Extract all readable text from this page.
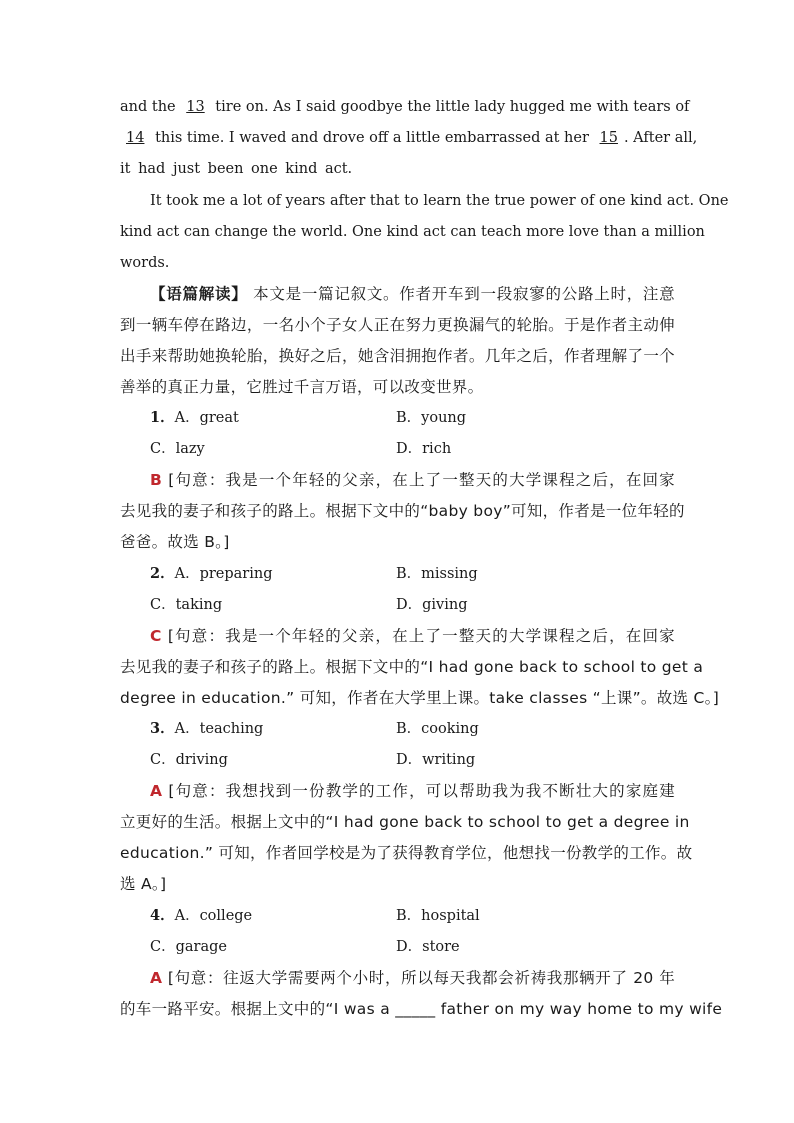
and the 13 tire on. As I said goodbye the little lady hugged me with tears of
14 this time. I waved and drove off a little embarrassed at her 15 . After all,
it had just been one kind act.
It took me a lot of years after that to learn the true power of one kind act. One
kind act can change the world. One kind act can teach more love than a million
words.
【语篇解读】 本文是一篇记叙文。作者开车到一段寂寥的公路上时，注意
到一辆车停在路边，一名小个子女人正在努力更换漏气的轮胎。于是作者主动伸
出手来帮助她换轮胎，换好之后，她含泪拥抱作者。几年之后，作者理解了一个
善举的真正力量，它胜过千言万语，可以改变世界。
1．A．great	B．young
C．lazy	D．rich
B [句意：我是一个年轻的父亲，在上了一整天的大学课程之后，在回家
去见我的妻子和孩子的路上。根据下文中的“baby boy”可知，作者是一位年轻的
爸爸。故选 B。]
2．A．preparing	B．missing
C．taking	D．giving
C [句意：我是一个年轻的父亲，在上了一整天的大学课程之后，在回家
去见我的妻子和孩子的路上。根据下文中的“I had gone back to school to get a
degree in education.” 可知，作者在大学里上课。take classes “上课”。故选 C。]
3．A．teaching	B．cooking
C．driving	D．writing
A [句意：我想找到一份教学的工作，可以帮助我为我不断壮大的家庭建
立更好的生活。根据上文中的“I had gone back to school to get a degree in
education.” 可知，作者回学校是为了获得教育学位，他想找一份教学的工作。故
选 A。]
4．A．college	B．hospital
C．garage	D．store
A [句意：往返大学需要两个小时，所以每天我都会祈祷我那辆开了 20 年
的车一路平安。根据上文中的“I was a _____ father on my way home to my wife
